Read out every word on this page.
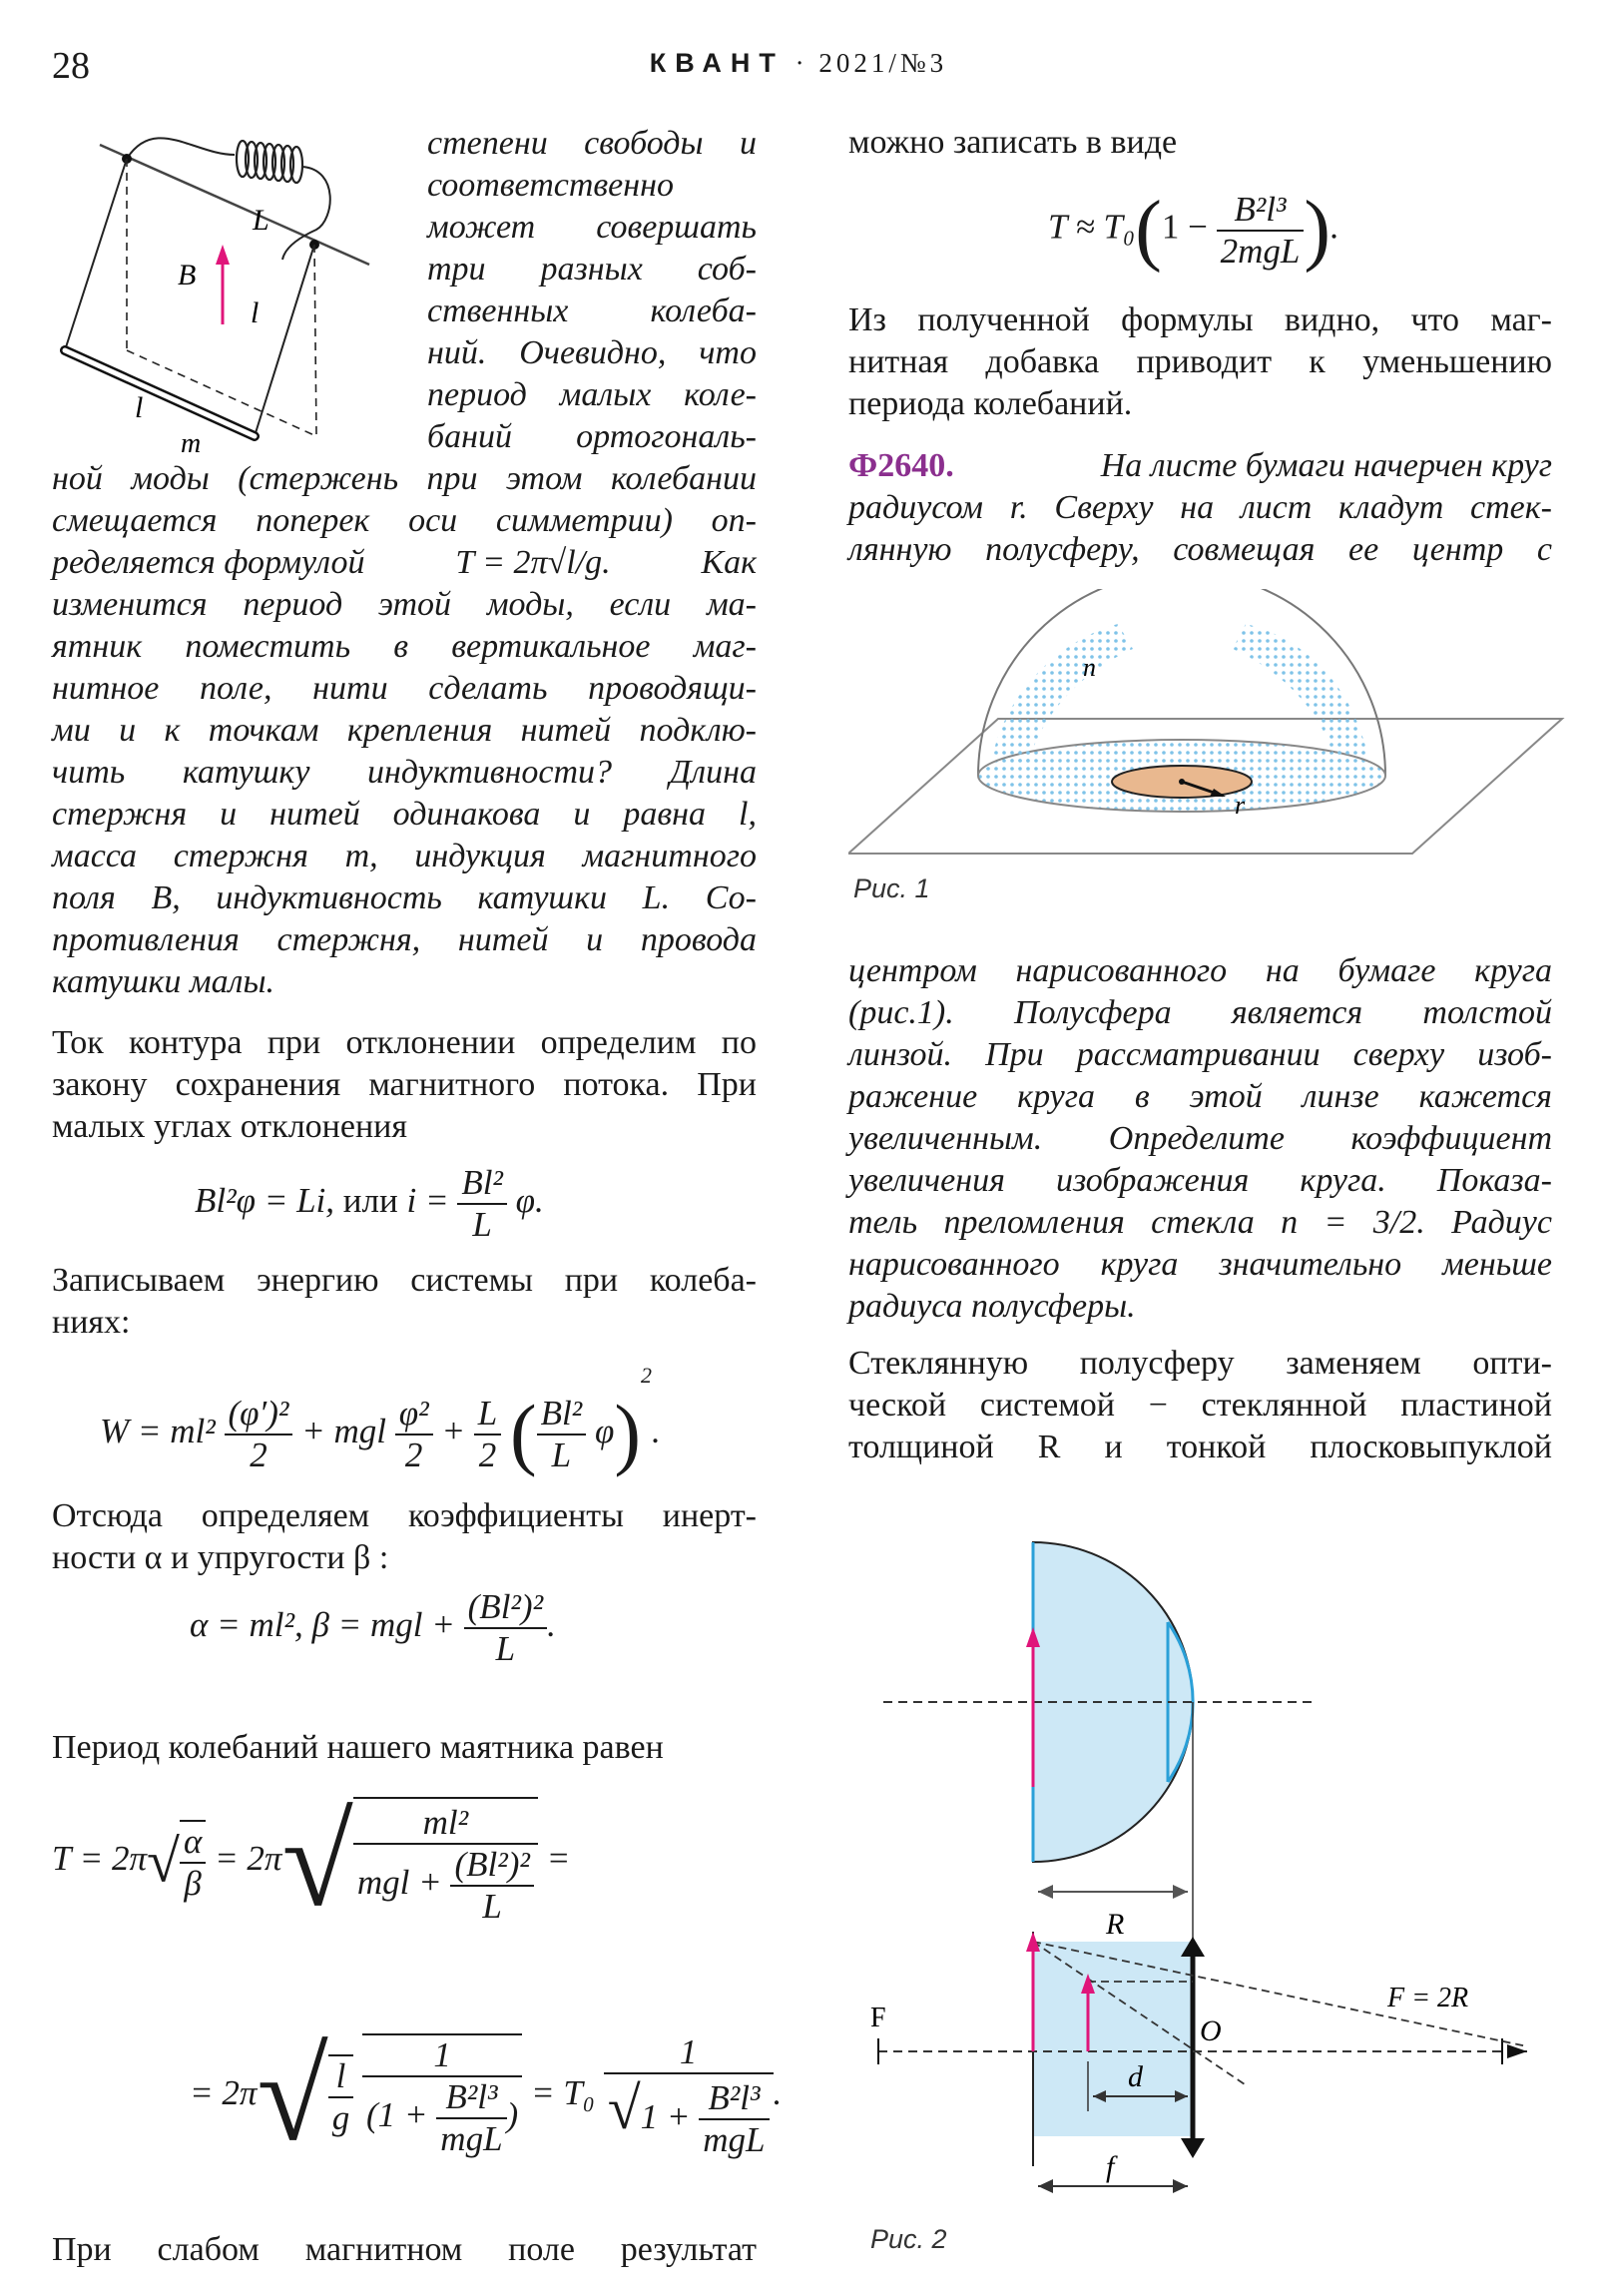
28	КВАНТ · 2021/№3
B
L
l
l
m
степени свободы и
соответственно
может совершать
три разных соб-
ственных колеба-
ний. Очевидно, что
период малых коле-
баний ортогональ-
ной моды (стержень при этом колебании
смещается поперек оси симметрии) оп-
ределяется формулой	T = 2π√l/g.	Как
изменится период этой моды, если ма-
ятник поместить в вертикальное маг-
нитное поле, нити сделать проводящи-
ми и к точкам крепления нитей подклю-
чить катушку индуктивности? Длина
стержня и нитей одинакова и равна l,
масса стержня m, индукция магнитного
поля B, индуктивность катушки L. Со-
противления стержня, нитей и провода
катушки малы.
Ток контура при отклонении определим по
закону сохранения магнитного потока. При
малых углах отклонения
Bl²φ = Li, или $i = \frac{\text{Bl²}}{L} \varphi$.
Записываем энергию системы при колеба-
ниях:
$W = ml^2 \frac{\text{(φ′)²}}{2}$ + mgl $\frac{\text{φ²}}{2} + \frac{L}{2}$ ( $\frac{\text{Bl²}}{L} \varphi)^2$.
Отсюда определяем коэффициенты инерт-
ности α и упругости β :
α = ml², β = mgl + $\frac{\text{(Bl²)²}}{L}$ .
Период колебаний нашего маятника равен
$T = 2\pi√ \frac{\alpha}{\beta} = 2\pi√ \frac{\text{ml²}}{mgl + \frac{\text{(Bl²)²}}{L}}$ =
= $2\pi√ \frac{l}{g}$
$\frac{1}{(1 + \frac{\text{B²l³}}{\text{mgL}} )} = T_0 \frac{1}{√1 + \frac{\text{B²l³}}{\text{mgL}}}$ .
При слабом магнитном поле результат
можно записать в виде
$T \approx T_0(1 - \frac{\text{B²l³}}{\text{2mgL}}$ ).
Из полученной формулы видно, что маг-
нитная добавка приводит к уменьшению
периода колебаний.
Ф2640.	На листе бумаги начерчен круг
радиусом r. Сверху на лист кладут стек-
лянную полусферу, совмещая ее центр с
n
r
Рис. 1
центром нарисованного на бумаге круга
(рис.1). Полусфера является толстой
линзой. При рассматривании сверху изоб-
ражение круга в этой линзе кажется
увеличенным. Определите коэффициент
увеличения изображения круга. Показа-
тель преломления стекла n = 3/2. Радиус
нарисованного круга значительно меньше
радиуса полусферы.
Стеклянную полусферу заменяем опти-
ческой системой − стеклянной пластиной
толщиной R и тонкой плосковыпуклой
R
d
f
F
F = 2R
O
Рис. 2
